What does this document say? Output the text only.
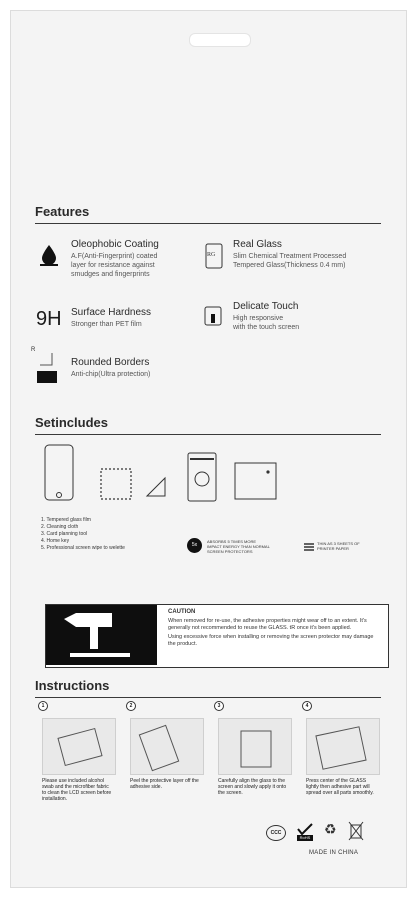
Features
Oleophobic Coating
A.F(Anti-Fingerprint) coated
layer for resistance against
smudges and fingerprints
RG
Real Glass
Slim Chemical Treatment Processed
Tempered Glass(Thickness 0.4 mm)
9H Surface Hardness
Stronger than PET film
Delicate Touch
High responsive
with the touch screen
R
Rounded Borders
Anti-chip(Ultra protection)
Setincludes
1. Tempered glass film
2. Cleaning cloth
3. Card planning tool
4. Home key
5. Professional screen wipe to welette	5x
ABSORBS 5 TIMES MORE
IMPACT ENERGY THAN NORMAL
SCREEN PROTECTORS
THIN AS 3 SHEETS OF
PRINTER PAPER
CAUTION
When removed for re-use, the adhesive properties might wear off to an extent. It's generally not recommended to reuse the GLASS. tR once it's been applied.
Using excessive force when installing or removing the screen protector may damage the product.
Instructions
1	2	3	4
Please use included alcohol swab and the microfiber fabric to clean the LCD screen before installation.
Peel the protective layer off the adhesive side.
Carefully align the glass to the screen and slowly apply it onto the screen.
Press center of the GLASS lightly then adhesive part will spread over all parts smoothly.
CCC
RoHS
♻
MADE IN CHINA
